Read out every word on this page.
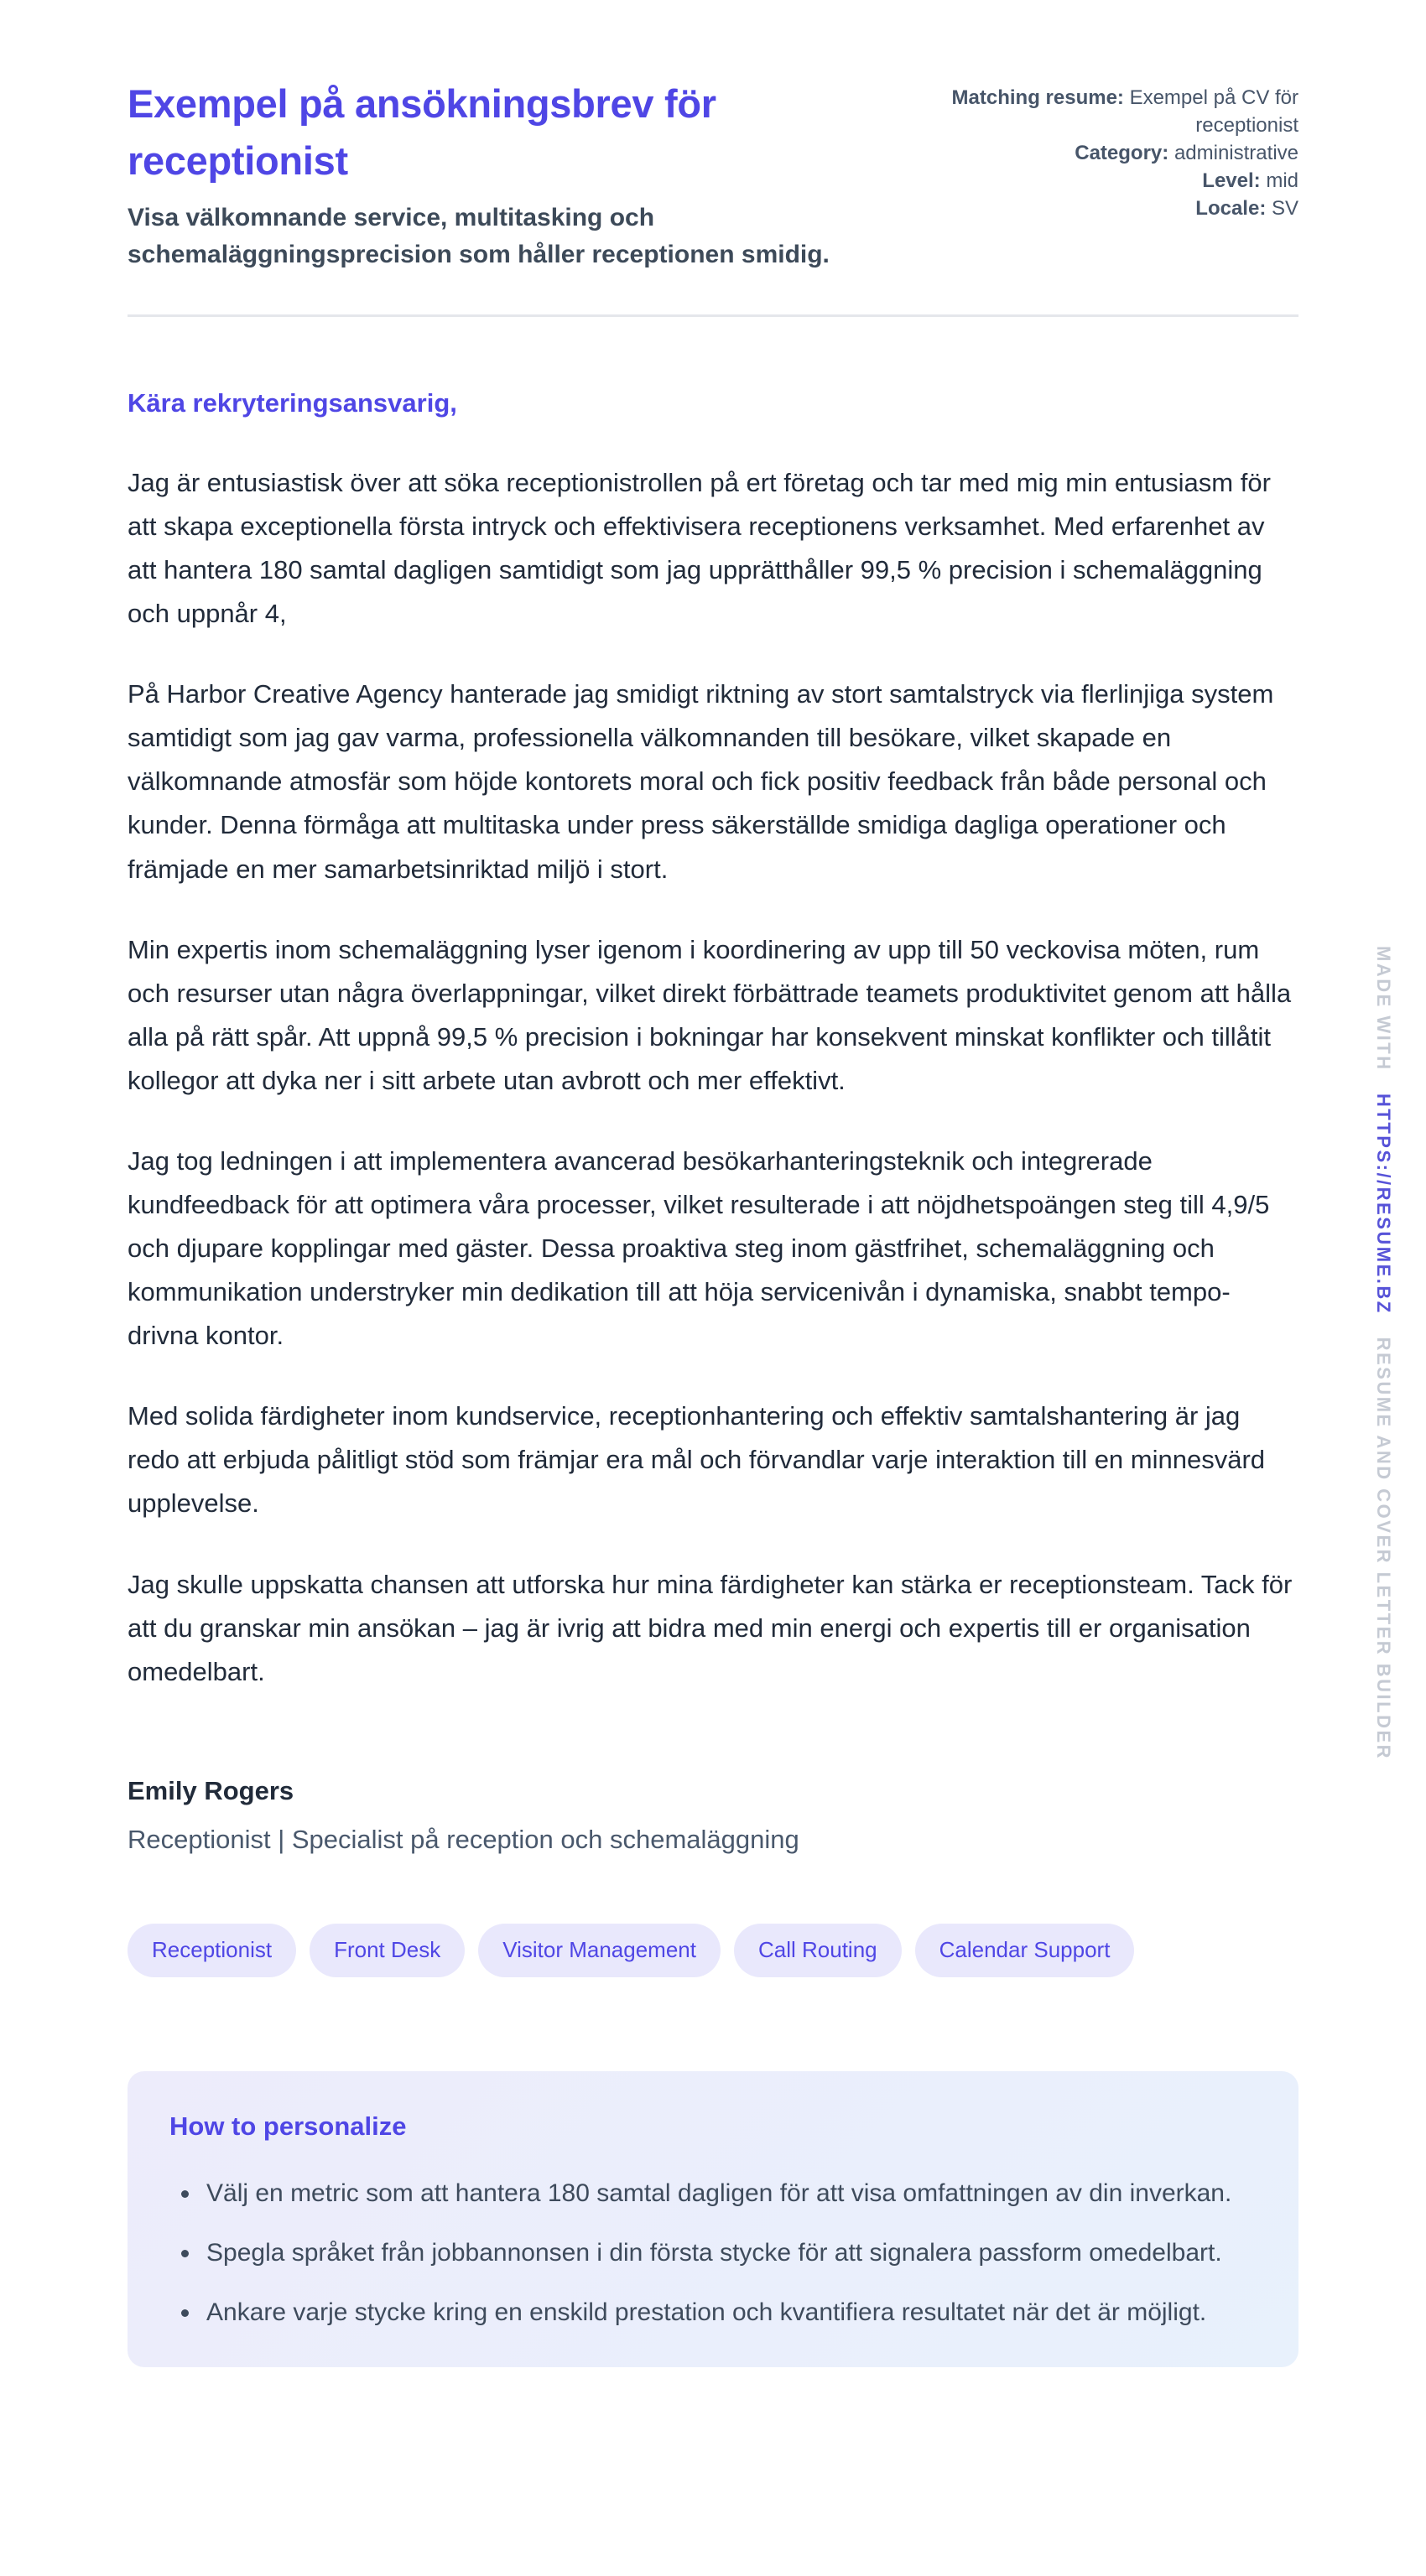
Exempel på ansökningsbrev för receptionist

Visa välkomnande service, multitasking och schemaläggningsprecision som håller receptionen smidig.

Matching resume: Exempel på CV för receptionist
Category: administrative
Level: mid
Locale: SV

Kära rekryteringsansvarig,

Jag är entusiastisk över att söka receptionistrollen på ert företag och tar med mig min entusiasm för att skapa exceptionella första intryck och effektivisera receptionens verksamhet. Med erfarenhet av att hantera 180 samtal dagligen samtidigt som jag upprätthåller 99,5 % precision i schemaläggning och uppnår 4,

På Harbor Creative Agency hanterade jag smidigt riktning av stort samtalstryck via flerlinjiga system samtidigt som jag gav varma, professionella välkomnanden till besökare, vilket skapade en välkomnande atmosfär som höjde kontorets moral och fick positiv feedback från både personal och kunder. Denna förmåga att multitaska under press säkerställde smidiga dagliga operationer och främjade en mer samarbetsinriktad miljö i stort.

Min expertis inom schemaläggning lyser igenom i koordinering av upp till 50 veckovisa möten, rum och resurser utan några överlappningar, vilket direkt förbättrade teamets produktivitet genom att hålla alla på rätt spår. Att uppnå 99,5 % precision i bokningar har konsekvent minskat konflikter och tillåtit kollegor att dyka ner i sitt arbete utan avbrott och mer effektivt.

Jag tog ledningen i att implementera avancerad besökarhanteringsteknik och integrerade kundfeedback för att optimera våra processer, vilket resulterade i att nöjdhetspoängen steg till 4,9/5 och djupare kopplingar med gäster. Dessa proaktiva steg inom gästfrihet, schemaläggning och kommunikation understryker min dedikation till att höja servicenivån i dynamiska, snabbt tempo-drivna kontor.

Med solida färdigheter inom kundservice, receptionhantering och effektiv samtalshantering är jag redo att erbjuda pålitligt stöd som främjar era mål och förvandlar varje interaktion till en minnesvärd upplevelse.

Jag skulle uppskatta chansen att utforska hur mina färdigheter kan stärka er receptionsteam. Tack för att du granskar min ansökan – jag är ivrig att bidra med min energi och expertis till er organisation omedelbart.

Emily Rogers

Receptionist | Specialist på reception och schemaläggning

Receptionist	Front Desk	Visitor Management	Call Routing	Calendar Support
How to personalize
• Välj en metric som att hantera 180 samtal dagligen för att visa omfattningen av din inverkan.
• Spegla språket från jobbannonsen i din första stycke för att signalera passform omedelbart.
• Ankare varje stycke kring en enskild prestation och kvantifiera resultatet när det är möjligt.
MADE WITH HTTPS://RESUME.BZ RESUME AND COVER LETTER BUILDER
